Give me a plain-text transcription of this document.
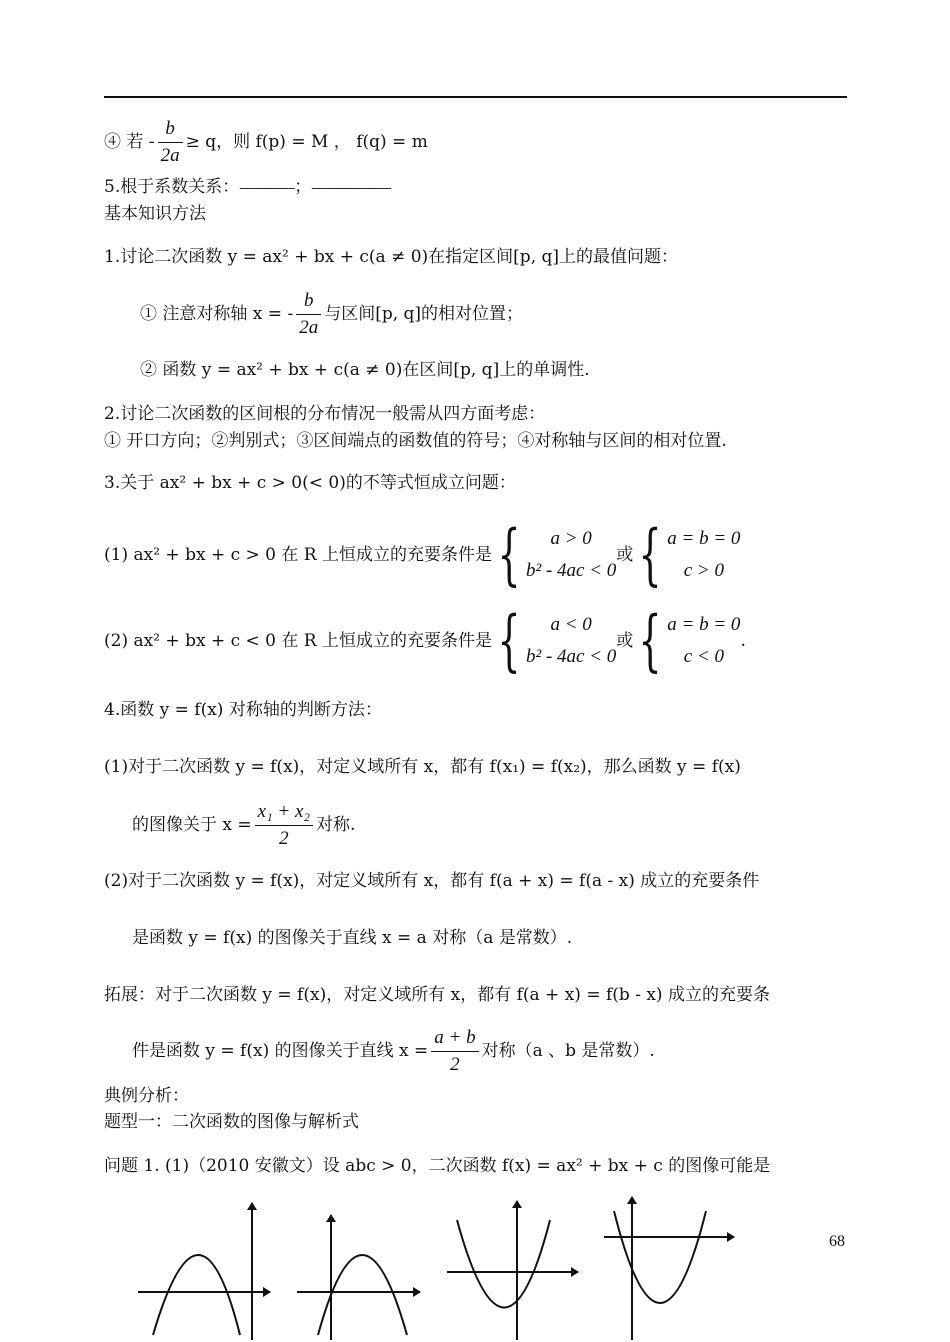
④ 若 - $\frac{b}{2a} \ge q$，则 f(p) = M ， f(q) = m
5.根于系数关系：------------------；--------------------------
基本知识方法
1.讨论二次函数 y = ax² + bx + c(a ≠ 0)在指定区间[p, q]上的最值问题：
① 注意对称轴 x = - $\frac{b}{2a}$ 与区间[p, q]的相对位置；
② 函数 y = ax² + bx + c(a ≠ 0)在区间[p, q]上的单调性.
2.讨论二次函数的区间根的分布情况一般需从四方面考虑：
① 开口方向；②判别式；③区间端点的函数值的符号；④对称轴与区间的相对位置.
3.关于 ax² + bx + c > 0(< 0)的不等式恒成立问题：
(1) ax² + bx + c > 0 在 R 上恒成立的充要条件是{	a > 0
b² - 4ac < 0
或{ a = b = 0
c > 0
(2) ax² + bx + c < 0 在 R 上恒成立的充要条件是{	a < 0
b² - 4ac < 0
或{ a = b = 0
c < 0
.
4.函数 y = f(x) 对称轴的判断方法：
(1)对于二次函数 y = f(x)，对定义域所有 x，都有 f(x₁) = f(x₂)，那么函数 y = f(x)
的图像关于 $x = \frac{\text{x₁ + x₂}}{2}$ 对称.
(2)对于二次函数 y = f(x)，对定义域所有 x，都有 f(a + x) = f(a - x) 成立的充要条件
是函数 y = f(x) 的图像关于直线 x = a 对称（a 是常数）.
拓展：对于二次函数 y = f(x)，对定义域所有 x，都有 f(a + x) = f(b - x) 成立的充要条
件是函数 y = f(x) 的图像关于直线 $x = \frac{a + b}{2}$ 对称（a 、b 是常数）.
典例分析：
题型一：二次函数的图像与解析式
问题 1. (1)（2010 安徽文）设 abc > 0，二次函数 f(x) = ax² + bx + c 的图像可能是
68
